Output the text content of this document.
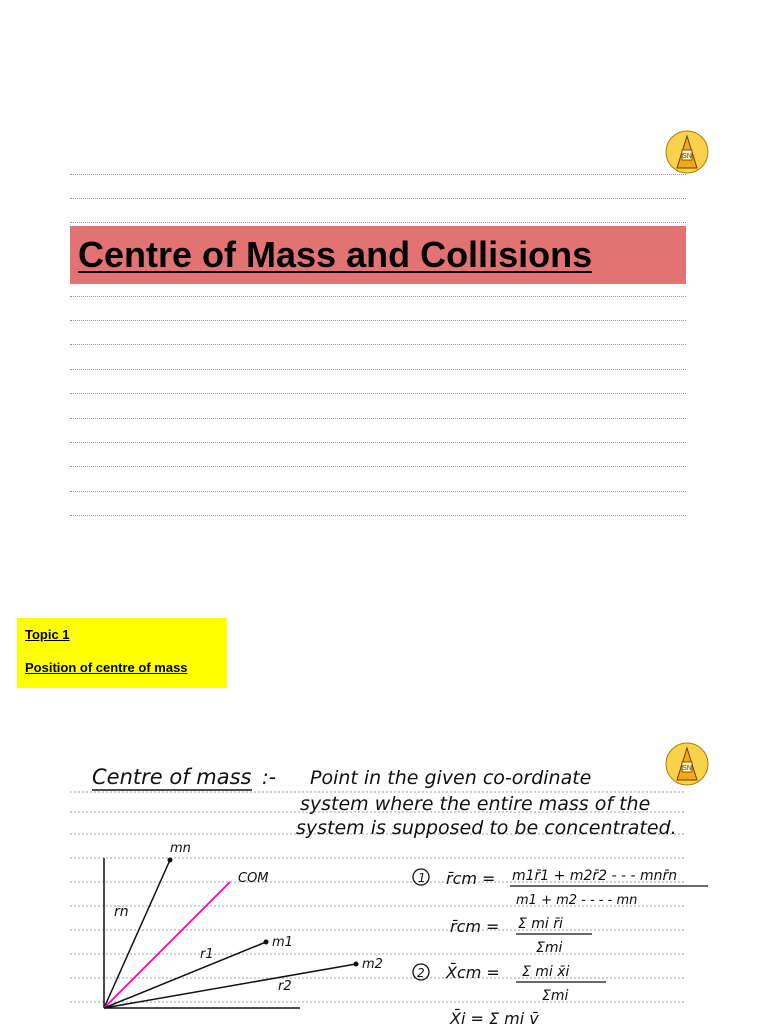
SN
Centre of Mass and Collisions
Topic 1
Position of centre of mass
SN
Centre of mass :- Point in the given co-ordinate
system where the entire mass of the
system is supposed to be concentrated.
mn
COM
rn
r1
m1
m2
r2
1 r̄cm = m1r̄1 + m2r̄2 - - - mnr̄n
m1 + m2 - - - - mn
r̄cm = Σ mi r̄i
Σmi
2 X̄cm = Σ mi x̄i
Σmi
X̄i = Σ mi v̄
